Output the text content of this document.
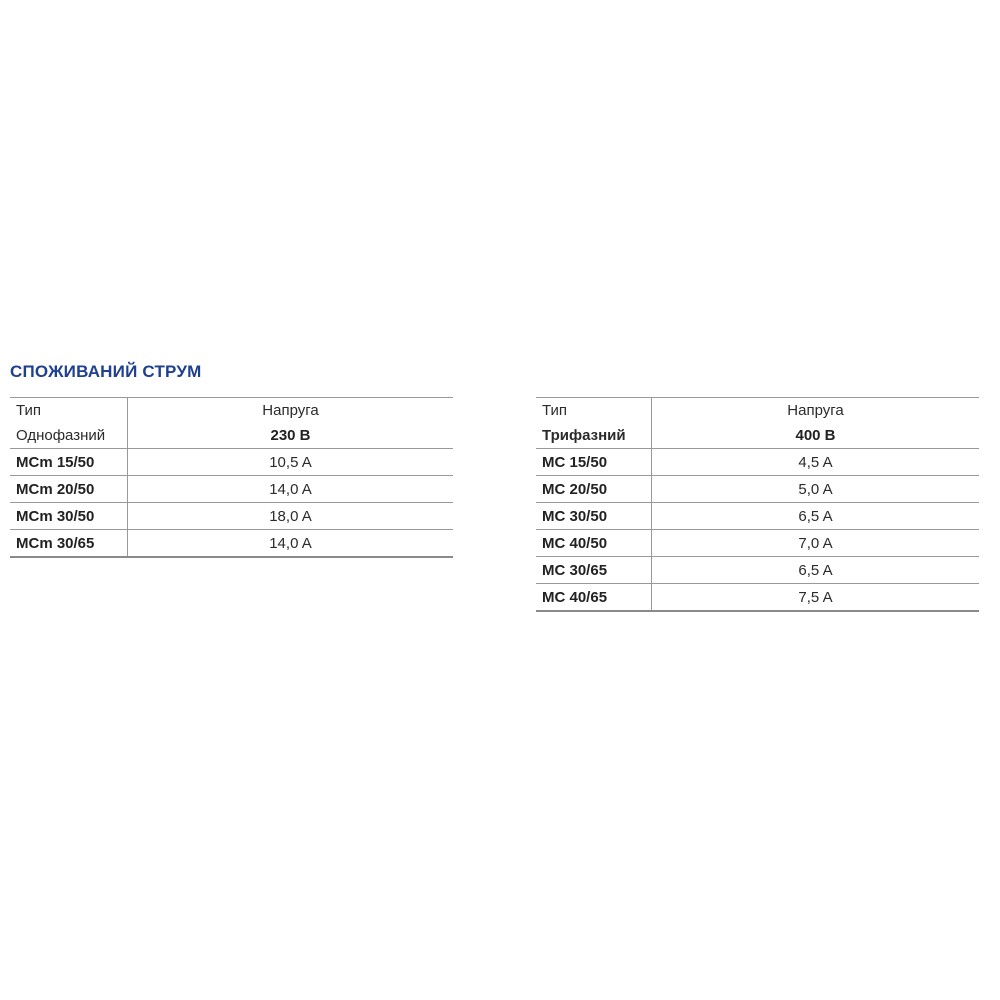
СПОЖИВАНИЙ СТРУМ
Тип	Напруга
Однофазний	230 В
MCm 15/50	10,5 A
MCm 20/50	14,0 A
MCm 30/50	18,0 A
MCm 30/65	14,0 A
Тип	Напруга
Трифазний	400 В
MC 15/50	4,5 A
MC 20/50	5,0 A
MC 30/50	6,5 A
MC 40/50	7,0 A
MC 30/65	6,5 A
MC 40/65	7,5 A
